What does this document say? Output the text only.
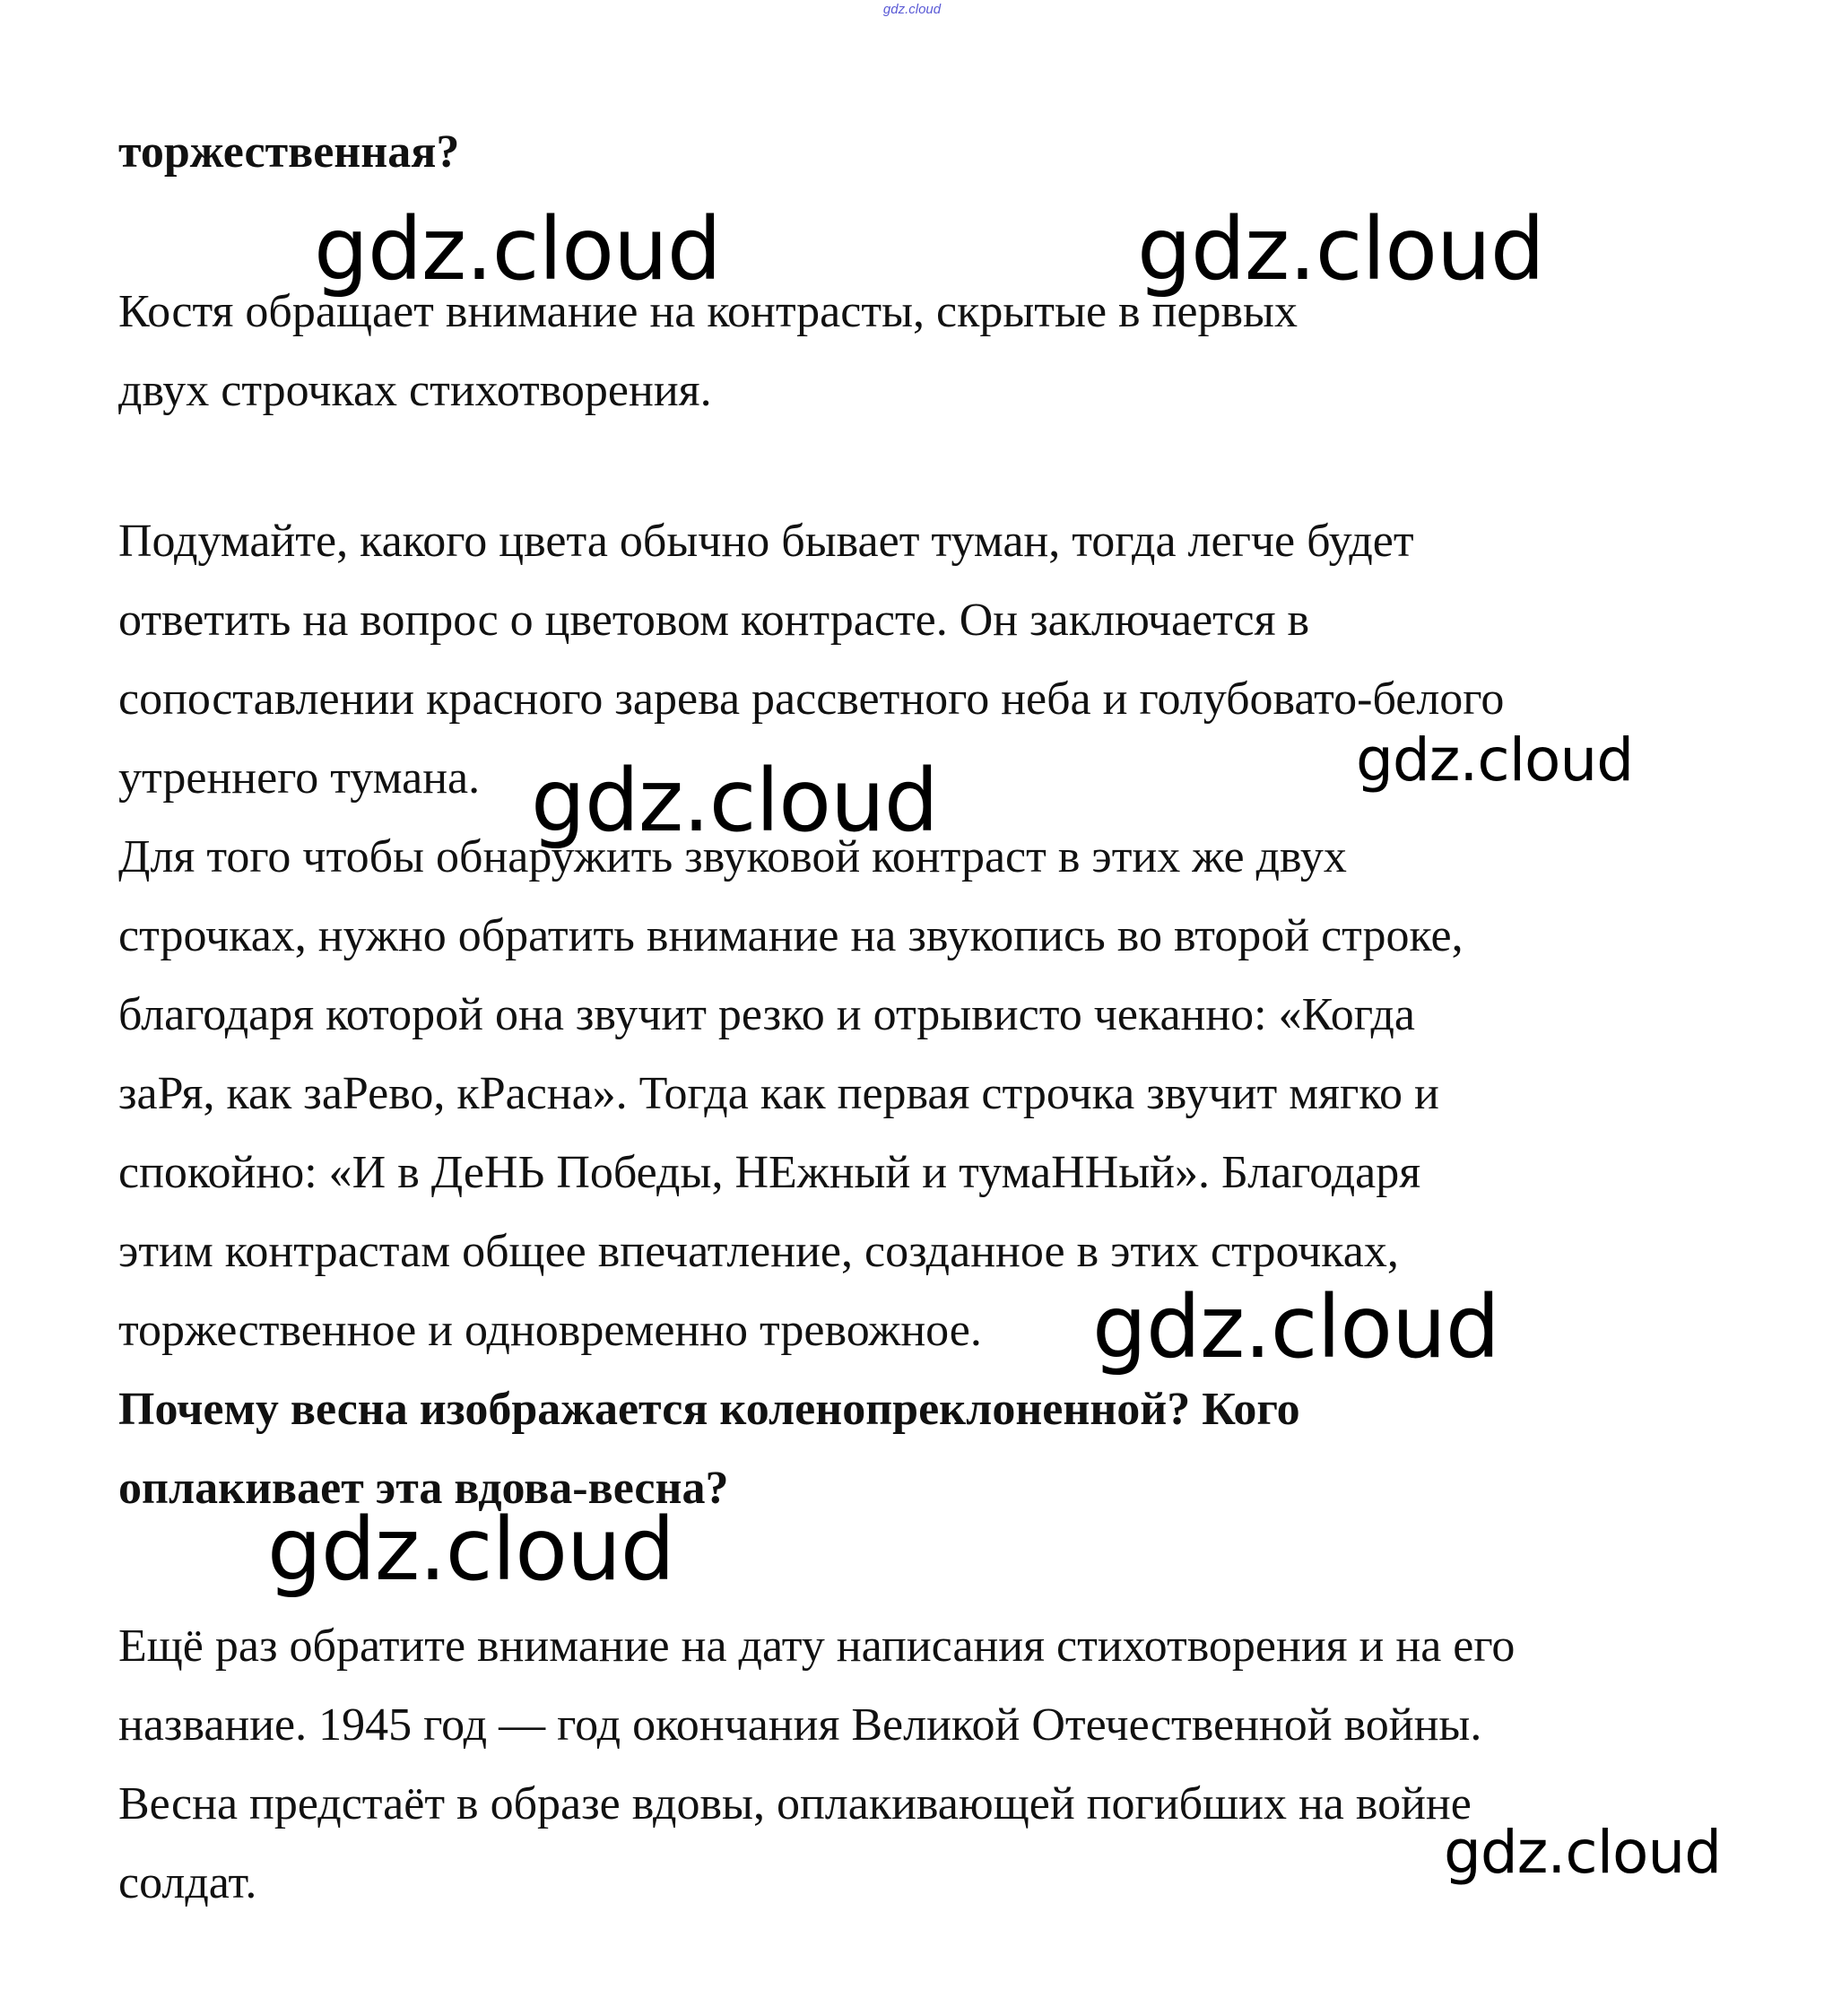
gdz.cloud
торжественная?
Костя обращает внимание на контрасты, скрытые в первых
двух строчках стихотворения.
Подумайте, какого цвета обычно бывает туман, тогда легче будет
ответить на вопрос о цветовом контрасте. Он заключается в
сопоставлении красного зарева рассветного неба и голубовато-белого
утреннего тумана.
Для того чтобы обнаружить звуковой контраст в этих же двух
строчках, нужно обратить внимание на звукопись во второй строке,
благодаря которой она звучит резко и отрывисто чеканно: «Когда
заРя, как заРево, кРасна». Тогда как первая строчка звучит мягко и
спокойно: «И в ДеНЬ Победы, НЕжный и тумаННый». Благодаря
этим контрастам общее впечатление, созданное в этих строчках,
торжественное и одновременно тревожное.
Почему весна изображается коленопреклоненной? Кого
оплакивает эта вдова-весна?
Ещё раз обратите внимание на дату написания стихотворения и на его
название. 1945 год — год окончания Великой Отечественной войны.
Весна предстаёт в образе вдовы, оплакивающей погибших на войне
солдат.
gdz.cloud	gdz.cloud
gdz.cloud
gdz.cloud
gdz.cloud
gdz.cloud
gdz.cloud
